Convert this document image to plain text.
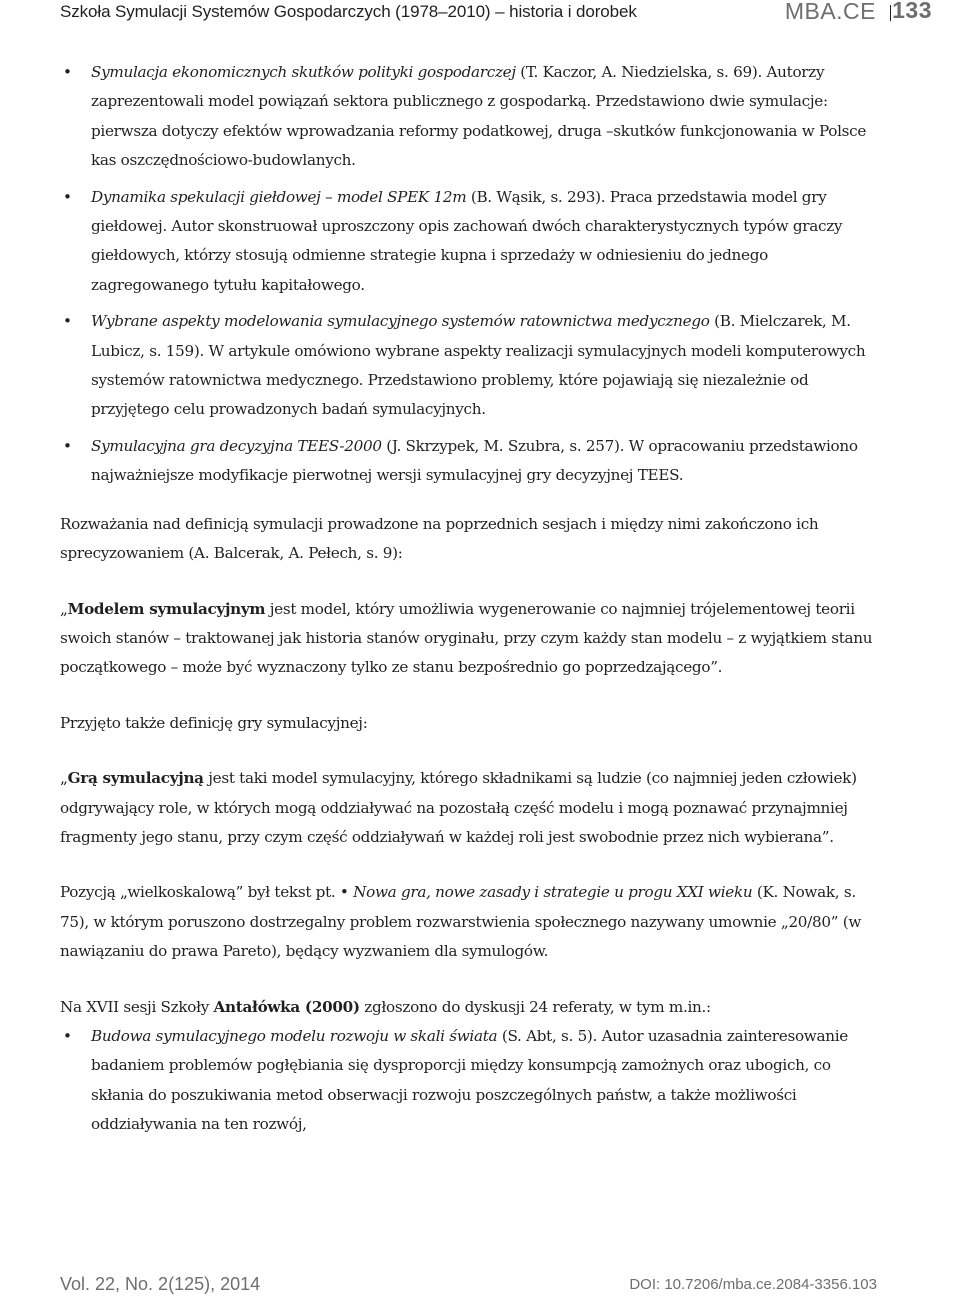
Szkoła Symulacji Systemów Gospodarczych (1978–2010) – historia i dorobek	MBA.CE 133
• Symulacja ekonomicznych skutków polityki gospodarczej (T. Kaczor, A. Niedzielska, s. 69). Autorzy zaprezentowali model powiązań sektora publicznego z gospodarką. Przedstawiono dwie symulacje: pierwsza dotyczy efektów wprowadzania reformy podatkowej, druga –skutków funkcjonowania w Polsce kas oszczędnościowo-budowlanych.
• Dynamika spekulacji giełdowej – model SPEK 12m (B. Wąsik, s. 293). Praca przedstawia model gry giełdowej. Autor skonstruował uproszczony opis zachowań dwóch charakterystycznych typów graczy giełdowych, którzy stosują odmienne strategie kupna i sprzedaży w odniesieniu do jednego zagregowanego tytułu kapitałowego.
• Wybrane aspekty modelowania symulacyjnego systemów ratownictwa medycznego (B. Mielczarek, M. Lubicz, s. 159). W artykule omówiono wybrane aspekty realizacji symulacyjnych modeli komputerowych systemów ratownictwa medycznego. Przedstawiono problemy, które pojawiają się niezależnie od przyjętego celu prowadzonych badań symulacyjnych.
• Symulacyjna gra decyzyjna TEES-2000 (J. Skrzypek, M. Szubra, s. 257). W opracowaniu przedstawiono najważniejsze modyfikacje pierwotnej wersji symulacyjnej gry decyzyjnej TEES.

Rozważania nad definicją symulacji prowadzone na poprzednich sesjach i między nimi zakończono ich sprecyzowaniem (A. Balcerak, A. Pełech, s. 9):

„Modelem symulacyjnym jest model, który umożliwia wygenerowanie co najmniej trójelementowej teorii swoich stanów – traktowanej jak historia stanów oryginału, przy czym każdy stan modelu – z wyjątkiem stanu początkowego – może być wyznaczony tylko ze stanu bezpośrednio go poprzedzającego”.

Przyjęto także definicję gry symulacyjnej:

„Grą symulacyjną jest taki model symulacyjny, którego składnikami są ludzie (co najmniej jeden człowiek) odgrywający role, w których mogą oddziaływać na pozostałą część modelu i mogą poznawać przynajmniej fragmenty jego stanu, przy czym część oddziaływań w każdej roli jest swobodnie przez nich wybierana”.

Pozycją „wielkoskalową” był tekst pt. • Nowa gra, nowe zasady i strategie u progu XXI wieku (K. Nowak, s. 75), w którym poruszono dostrzegalny problem rozwarstwienia społecznego nazywany umownie „20/80” (w nawiązaniu do prawa Pareto), będący wyzwaniem dla symulogów.

Na XVII sesji Szkoły Antałówka (2000) zgłoszono do dyskusji 24 referaty, w tym m.in.:

• Budowa symulacyjnego modelu rozwoju w skali świata (S. Abt, s. 5). Autor uzasadnia zainteresowanie badaniem problemów pogłębiania się dysproporcji między konsumpcją zamożnych oraz ubogich, co skłania do poszukiwania metod obserwacji rozwoju poszczególnych państw, a także możliwości oddziaływania na ten rozwój,
Vol. 22, No. 2(125), 2014	DOI: 10.7206/mba.ce.2084-3356.103
